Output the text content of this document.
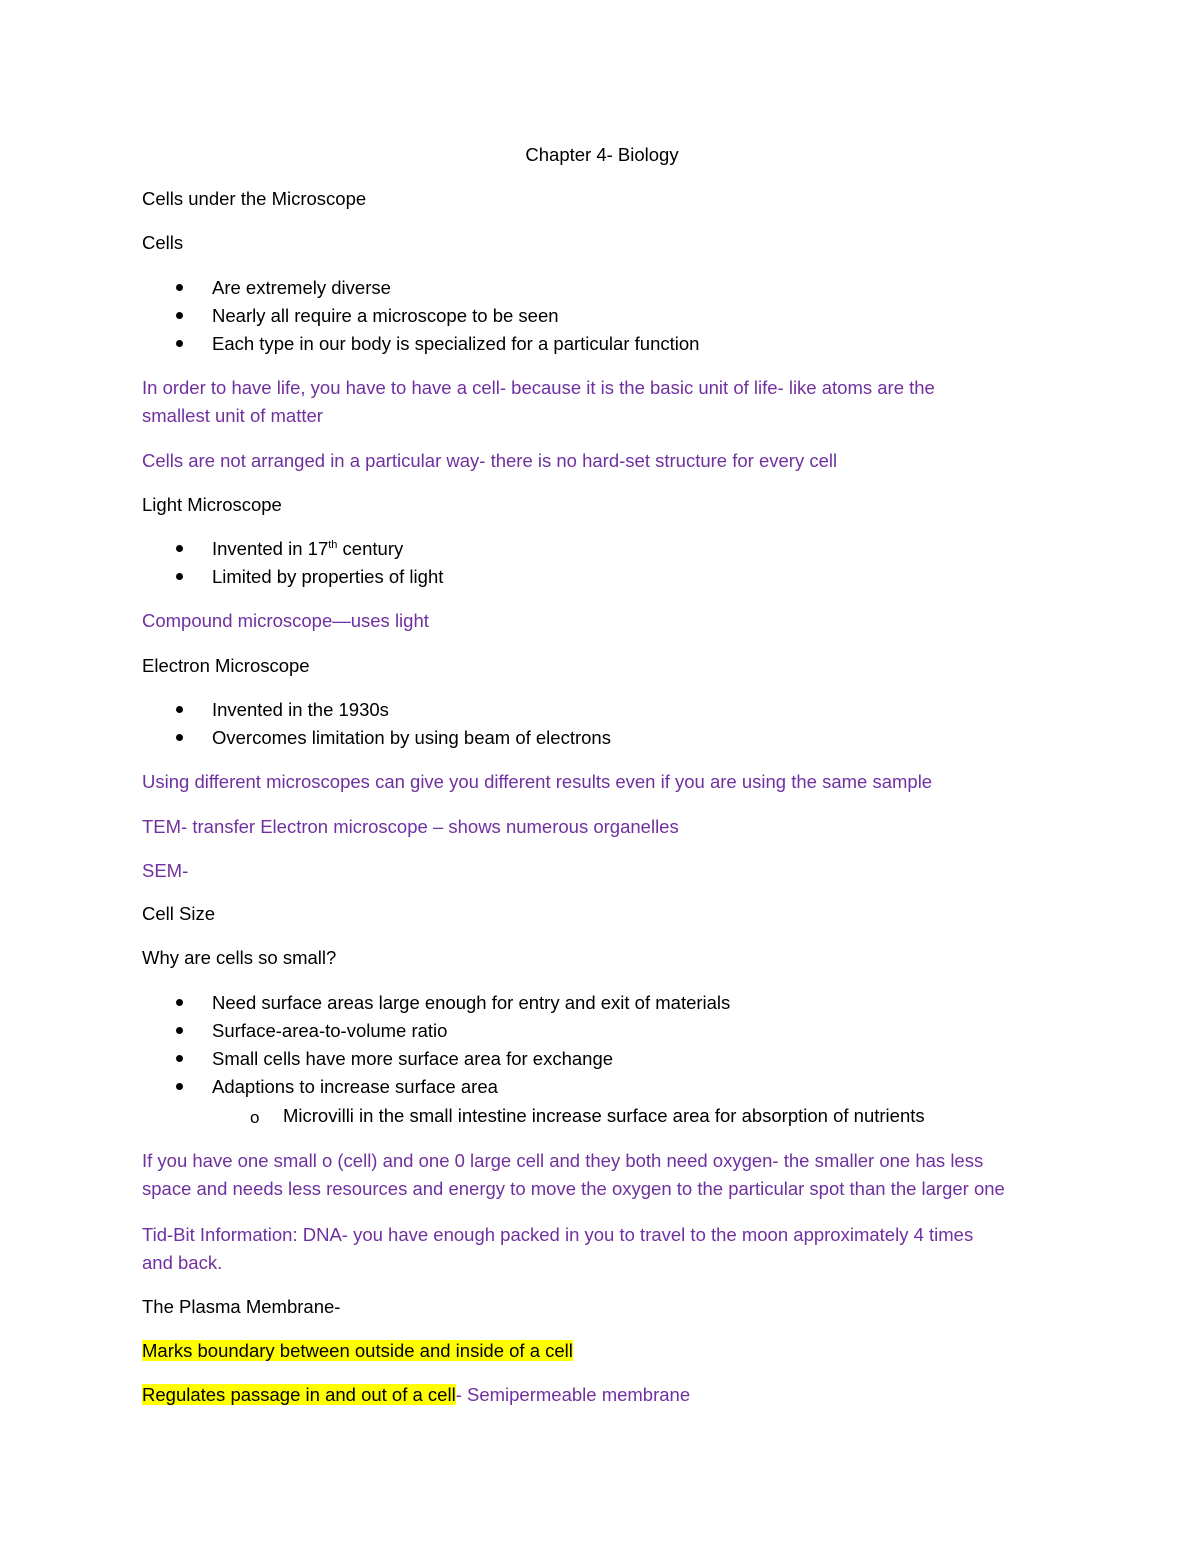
Chapter 4- Biology
Cells under the Microscope
Cells
Are extremely diverse
Nearly all require a microscope to be seen
Each type in our body is specialized for a particular function
In order to have life, you have to have a cell- because it is the basic unit of life- like atoms are the
smallest unit of matter
Cells are not arranged in a particular way- there is no hard-set structure for every cell
Light Microscope
Invented in 17th century
Limited by properties of light
Compound microscope—uses light
Electron Microscope
Invented in the 1930s
Overcomes limitation by using beam of electrons
Using different microscopes can give you different results even if you are using the same sample
TEM- transfer Electron microscope – shows numerous organelles
SEM-
Cell Size
Why are cells so small?
Need surface areas large enough for entry and exit of materials
Surface-area-to-volume ratio
Small cells have more surface area for exchange
Adaptions to increase surface area
o Microvilli in the small intestine increase surface area for absorption of nutrients
If you have one small o (cell) and one 0 large cell and they both need oxygen- the smaller one has less
space and needs less resources and energy to move the oxygen to the particular spot than the larger one
Tid-Bit Information: DNA- you have enough packed in you to travel to the moon approximately 4 times
and back.
The Plasma Membrane-
Marks boundary between outside and inside of a cell
Regulates passage in and out of a cell- Semipermeable membrane
